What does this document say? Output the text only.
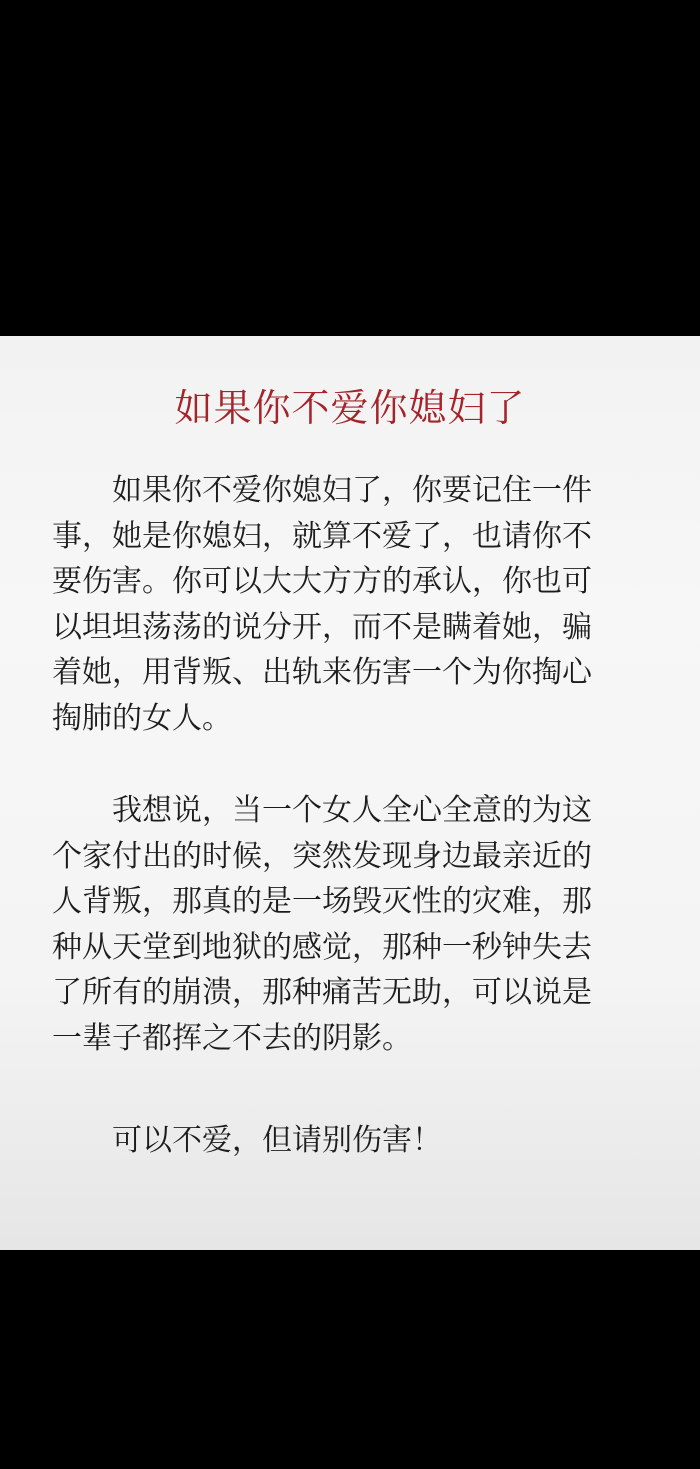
如果你不爱你媳妇了

如果你不爱你媳妇了，你要记住一件
事，她是你媳妇，就算不爱了，也请你不
要伤害。你可以大大方方的承认，你也可
以坦坦荡荡的说分开，而不是瞒着她，骗
着她，用背叛、出轨来伤害一个为你掏心
掏肺的女人。

我想说，当一个女人全心全意的为这
个家付出的时候，突然发现身边最亲近的
人背叛，那真的是一场毁灭性的灾难，那
种从天堂到地狱的感觉，那种一秒钟失去
了所有的崩溃，那种痛苦无助，可以说是
一辈子都挥之不去的阴影。

可以不爱，但请别伤害！
